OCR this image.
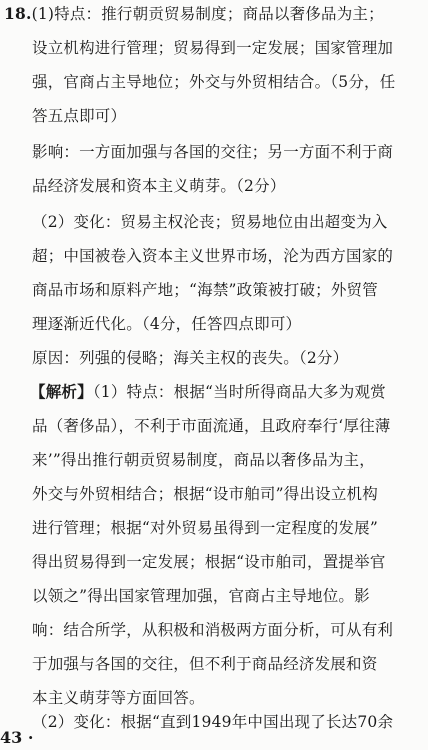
18.(1)特点：推行朝贡贸易制度；商品以奢侈品为主；
设立机构进行管理；贸易得到一定发展；国家管理加
强，官商占主导地位；外交与外贸相结合。（5分，任
答五点即可）
影响：一方面加强与各国的交往；另一方面不利于商
品经济发展和资本主义萌芽。（2分）
（2）变化：贸易主权沦丧；贸易地位由出超变为入
超；中国被卷入资本主义世界市场，沦为西方国家的
商品市场和原料产地；“海禁”政策被打破；外贸管
理逐渐近代化。（4分，任答四点即可）
原因：列强的侵略；海关主权的丧失。（2分）
【解析】（1）特点：根据“当时所得商品大多为观赏
品（奢侈品），不利于市面流通，且政府奉行‘厚往薄
来’”得出推行朝贡贸易制度，商品以奢侈品为主，
外交与外贸相结合；根据“设市舶司”得出设立机构
进行管理；根据“对外贸易虽得到一定程度的发展”
得出贸易得到一定发展；根据“设市舶司，置提举官
以领之”得出国家管理加强，官商占主导地位。影
响：结合所学，从积极和消极两方面分析，可从有利
于加强与各国的交往，但不利于商品经济发展和资
本主义萌芽等方面回答。
（2）变化：根据“直到1949年中国出现了长达70余
43 ·
